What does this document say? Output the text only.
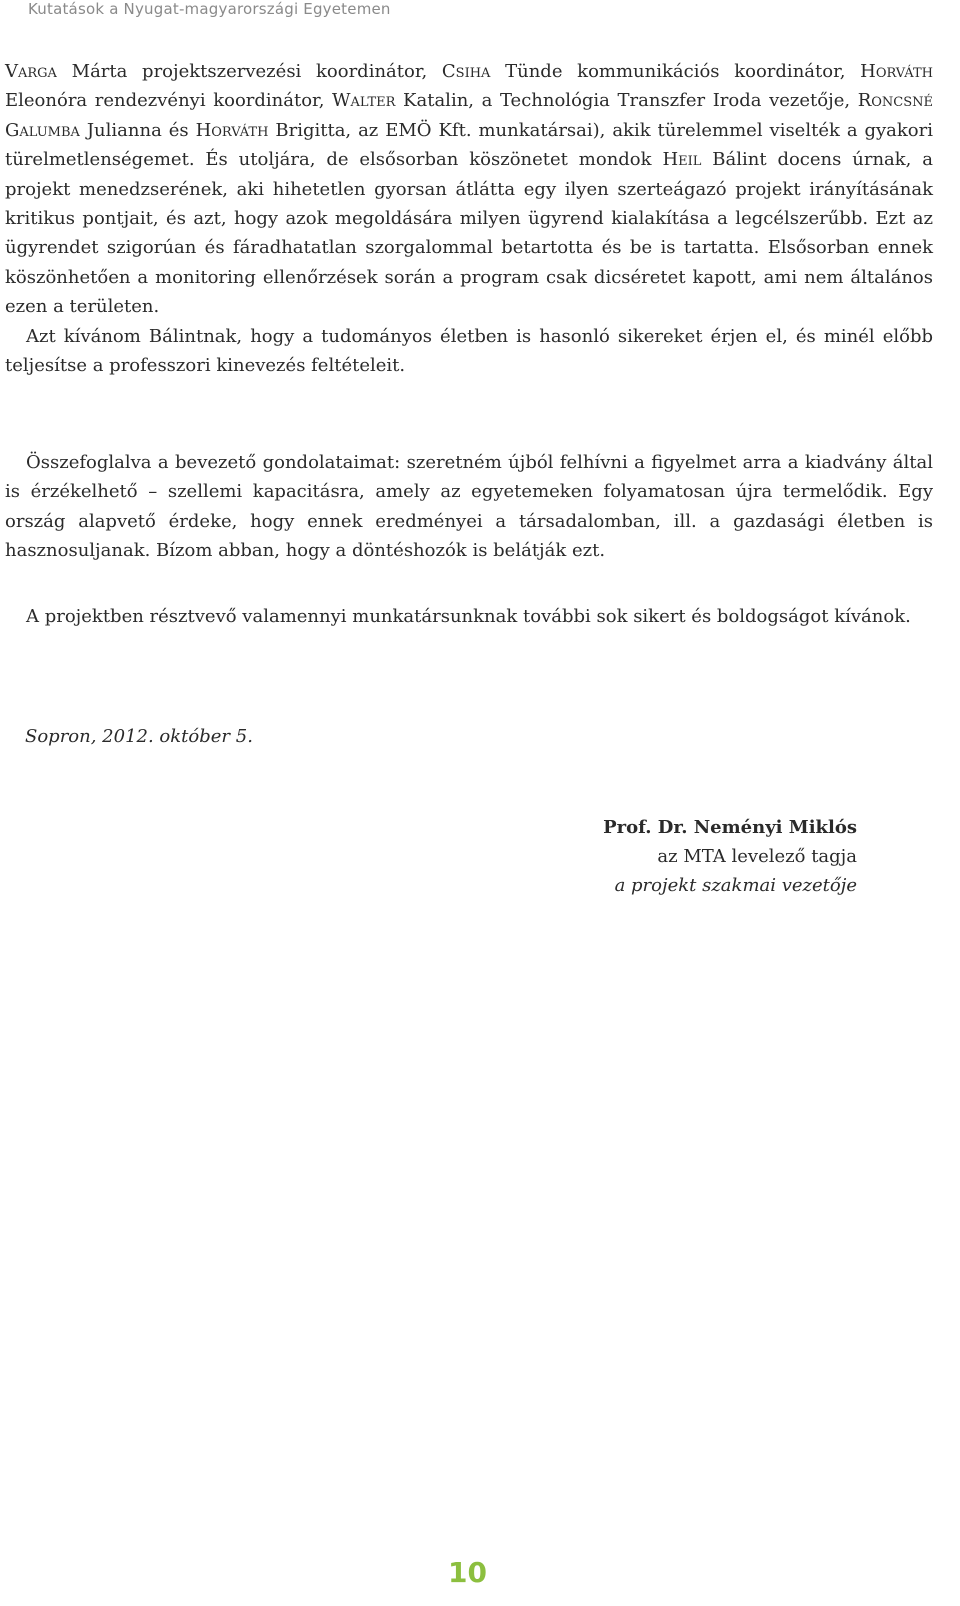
Kutatások a Nyugat-magyarországi Egyetemen

Varga Márta projektszervezési koordinátor, Csiha Tünde kommunikációs koordinátor, Horváth Eleonóra rendezvényi koordinátor, Walter Katalin, a Technológia Transzfer Iroda vezetője, Roncsné Galumba Julianna és Horváth Brigitta, az EMÖ Kft. munkatársai), akik türelemmel viselték a gyakori türelmetlenségemet. És utoljára, de elsősorban köszönetet mondok Heil Bálint docens úrnak, a projekt menedzserének, aki hihetetlen gyorsan átlátta egy ilyen szerteágazó projekt irányításának kritikus pontjait, és azt, hogy azok megoldására milyen ügyrend kialakítása a legcélszerűbb. Ezt az ügyrendet szigorúan és fáradhatatlan szorgalommal betartotta és be is tartatta. Elsősorban ennek köszönhetően a monitoring ellenőrzések során a program csak dicséretet kapott, ami nem általános ezen a területen.

Azt kívánom Bálintnak, hogy a tudományos életben is hasonló sikereket érjen el, és minél előbb teljesítse a professzori kinevezés feltételeit.

Összefoglalva a bevezető gondolataimat: szeretném újból felhívni a figyelmet arra a kiadvány által is érzékelhető – szellemi kapacitásra, amely az egyetemeken folyamatosan újra termelődik. Egy ország alapvető érdeke, hogy ennek eredményei a társadalomban, ill. a gazdasági életben is hasznosuljanak. Bízom abban, hogy a döntéshozók is belátják ezt.

A projektben résztvevő valamennyi munkatársunknak további sok sikert és boldogságot kívánok.

Sopron, 2012. október 5.
Prof. Dr. Neményi Miklós
az MTA levelező tagja
a projekt szakmai vezetője
10
